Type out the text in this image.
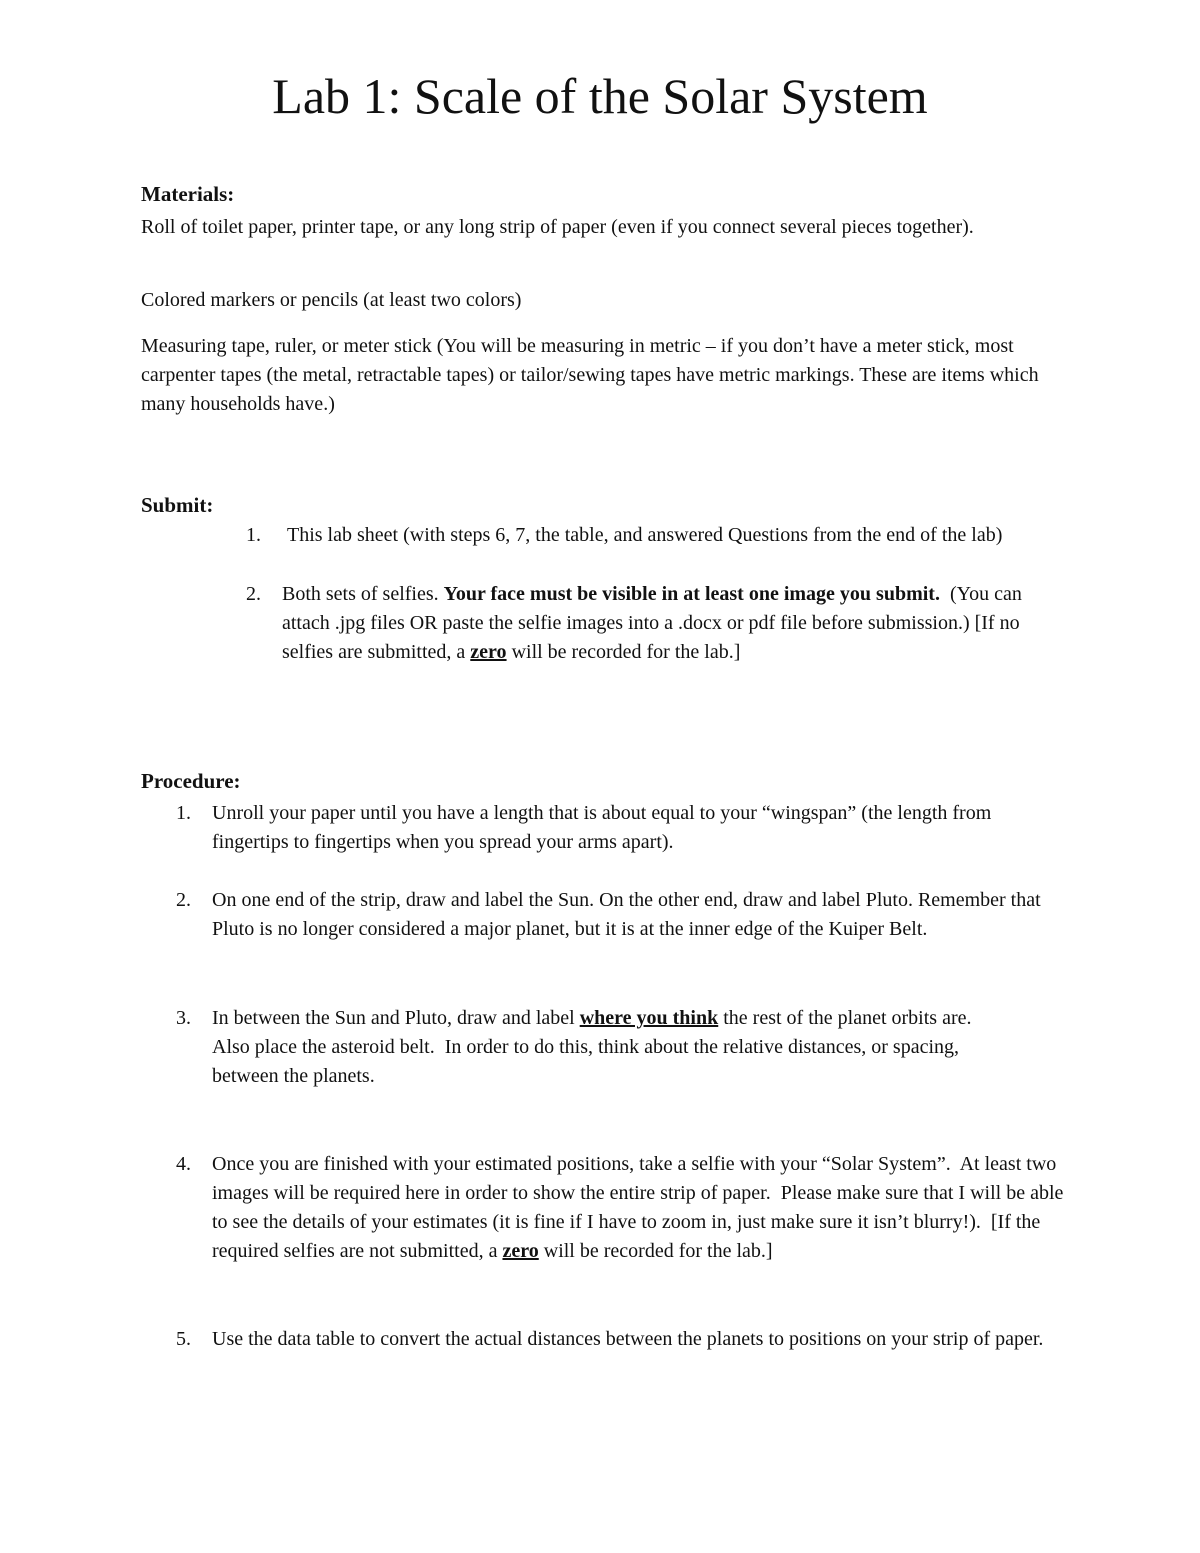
Lab 1: Scale of the Solar System
Materials:
Roll of toilet paper, printer tape, or any long strip of paper (even if you connect several pieces together).
Colored markers or pencils (at least two colors)
Measuring tape, ruler, or meter stick (You will be measuring in metric – if you don’t have a meter stick, most carpenter tapes (the metal, retractable tapes) or tailor/sewing tapes have metric markings. These are items which many households have.)
Submit:
1. This lab sheet (with steps 6, 7, the table, and answered Questions from the end of the lab)
2. Both sets of selfies. Your face must be visible in at least one image you submit.  (You can attach .jpg files OR paste the selfie images into a .docx or pdf file before submission.) [If no selfies are submitted, a zero will be recorded for the lab.]
Procedure:
1. Unroll your paper until you have a length that is about equal to your “wingspan” (the length from fingertips to fingertips when you spread your arms apart).
2. On one end of the strip, draw and label the Sun. On the other end, draw and label Pluto. Remember that Pluto is no longer considered a major planet, but it is at the inner edge of the Kuiper Belt.
3. In between the Sun and Pluto, draw and label where you think the rest of the planet orbits are.  Also place the asteroid belt.  In order to do this, think about the relative distances, or spacing, between the planets.
4. Once you are finished with your estimated positions, take a selfie with your “Solar System”.  At least two images will be required here in order to show the entire strip of paper.  Please make sure that I will be able to see the details of your estimates (it is fine if I have to zoom in, just make sure it isn’t blurry!).  [If the required selfies are not submitted, a zero will be recorded for the lab.]
5. Use the data table to convert the actual distances between the planets to positions on your strip of paper.
